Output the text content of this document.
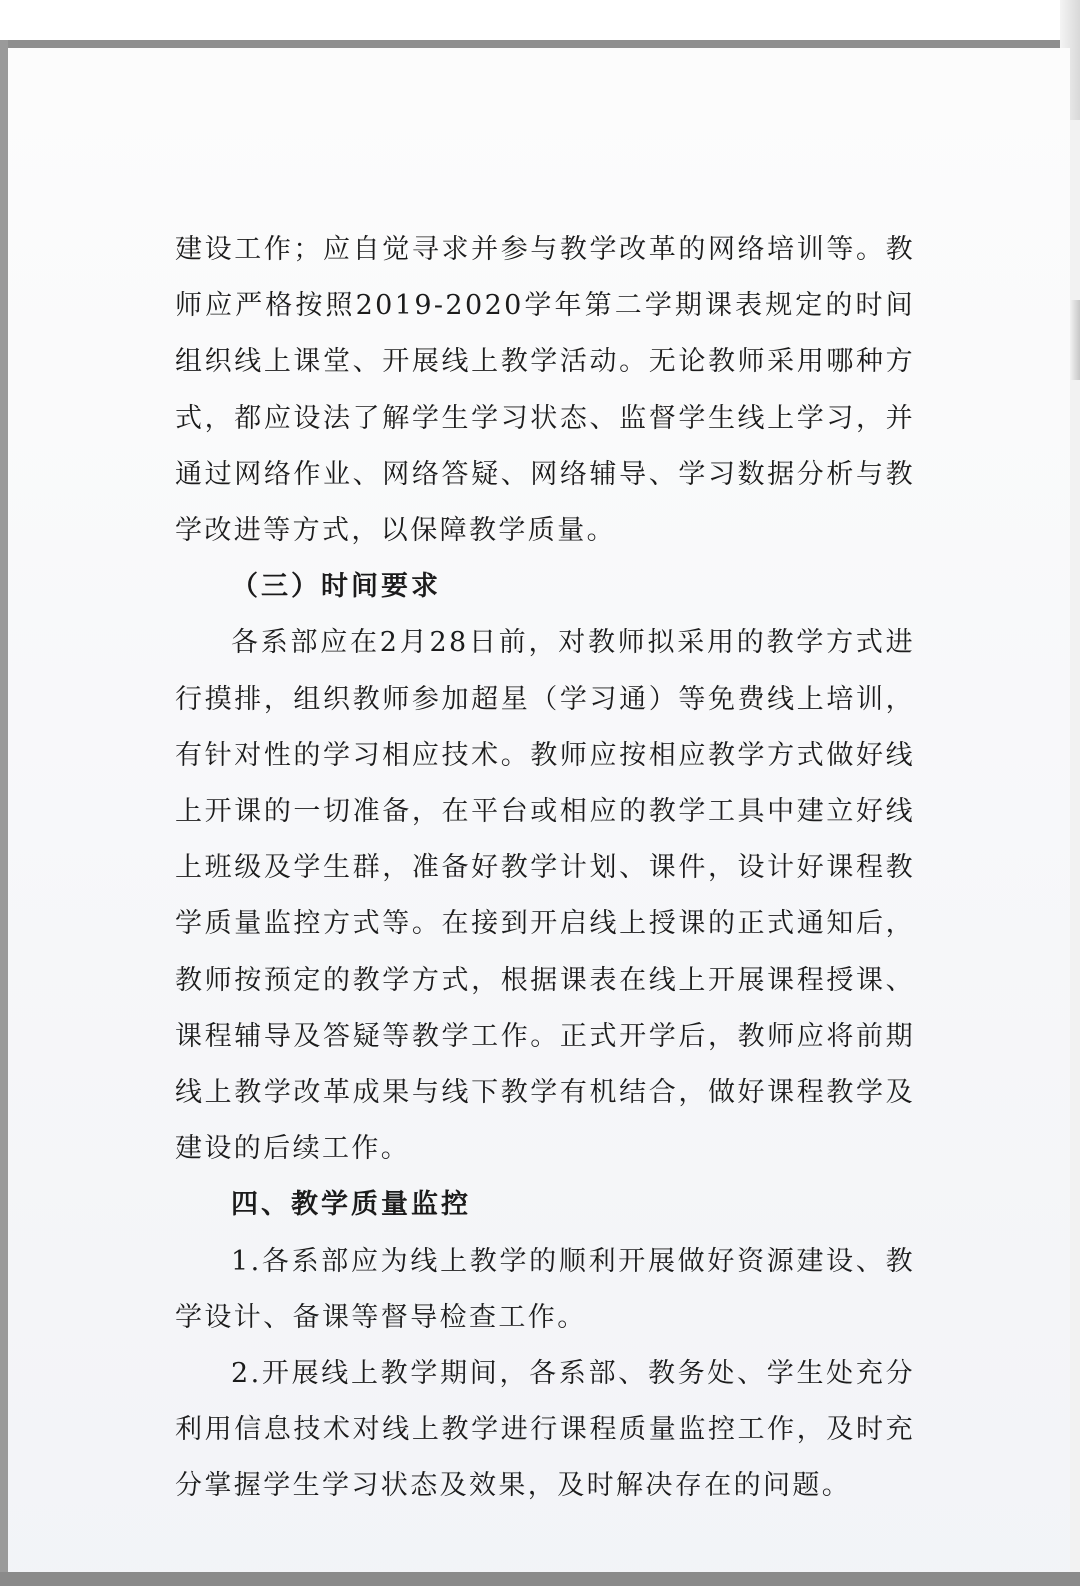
建设工作；应自觉寻求并参与教学改革的网络培训等。教师应严格按照2019-2020学年第二学期课表规定的时间组织线上课堂、开展线上教学活动。无论教师采用哪种方式，都应设法了解学生学习状态、监督学生线上学习，并通过网络作业、网络答疑、网络辅导、学习数据分析与教学改进等方式，以保障教学质量。

（三）时间要求

各系部应在2月28日前，对教师拟采用的教学方式进行摸排，组织教师参加超星（学习通）等免费线上培训，有针对性的学习相应技术。教师应按相应教学方式做好线上开课的一切准备，在平台或相应的教学工具中建立好线上班级及学生群，准备好教学计划、课件，设计好课程教学质量监控方式等。在接到开启线上授课的正式通知后，教师按预定的教学方式，根据课表在线上开展课程授课、课程辅导及答疑等教学工作。正式开学后，教师应将前期线上教学改革成果与线下教学有机结合，做好课程教学及建设的后续工作。

四、教学质量监控

1.各系部应为线上教学的顺利开展做好资源建设、教学设计、备课等督导检查工作。

2.开展线上教学期间，各系部、教务处、学生处充分利用信息技术对线上教学进行课程质量监控工作，及时充分掌握学生学习状态及效果，及时解决存在的问题。
